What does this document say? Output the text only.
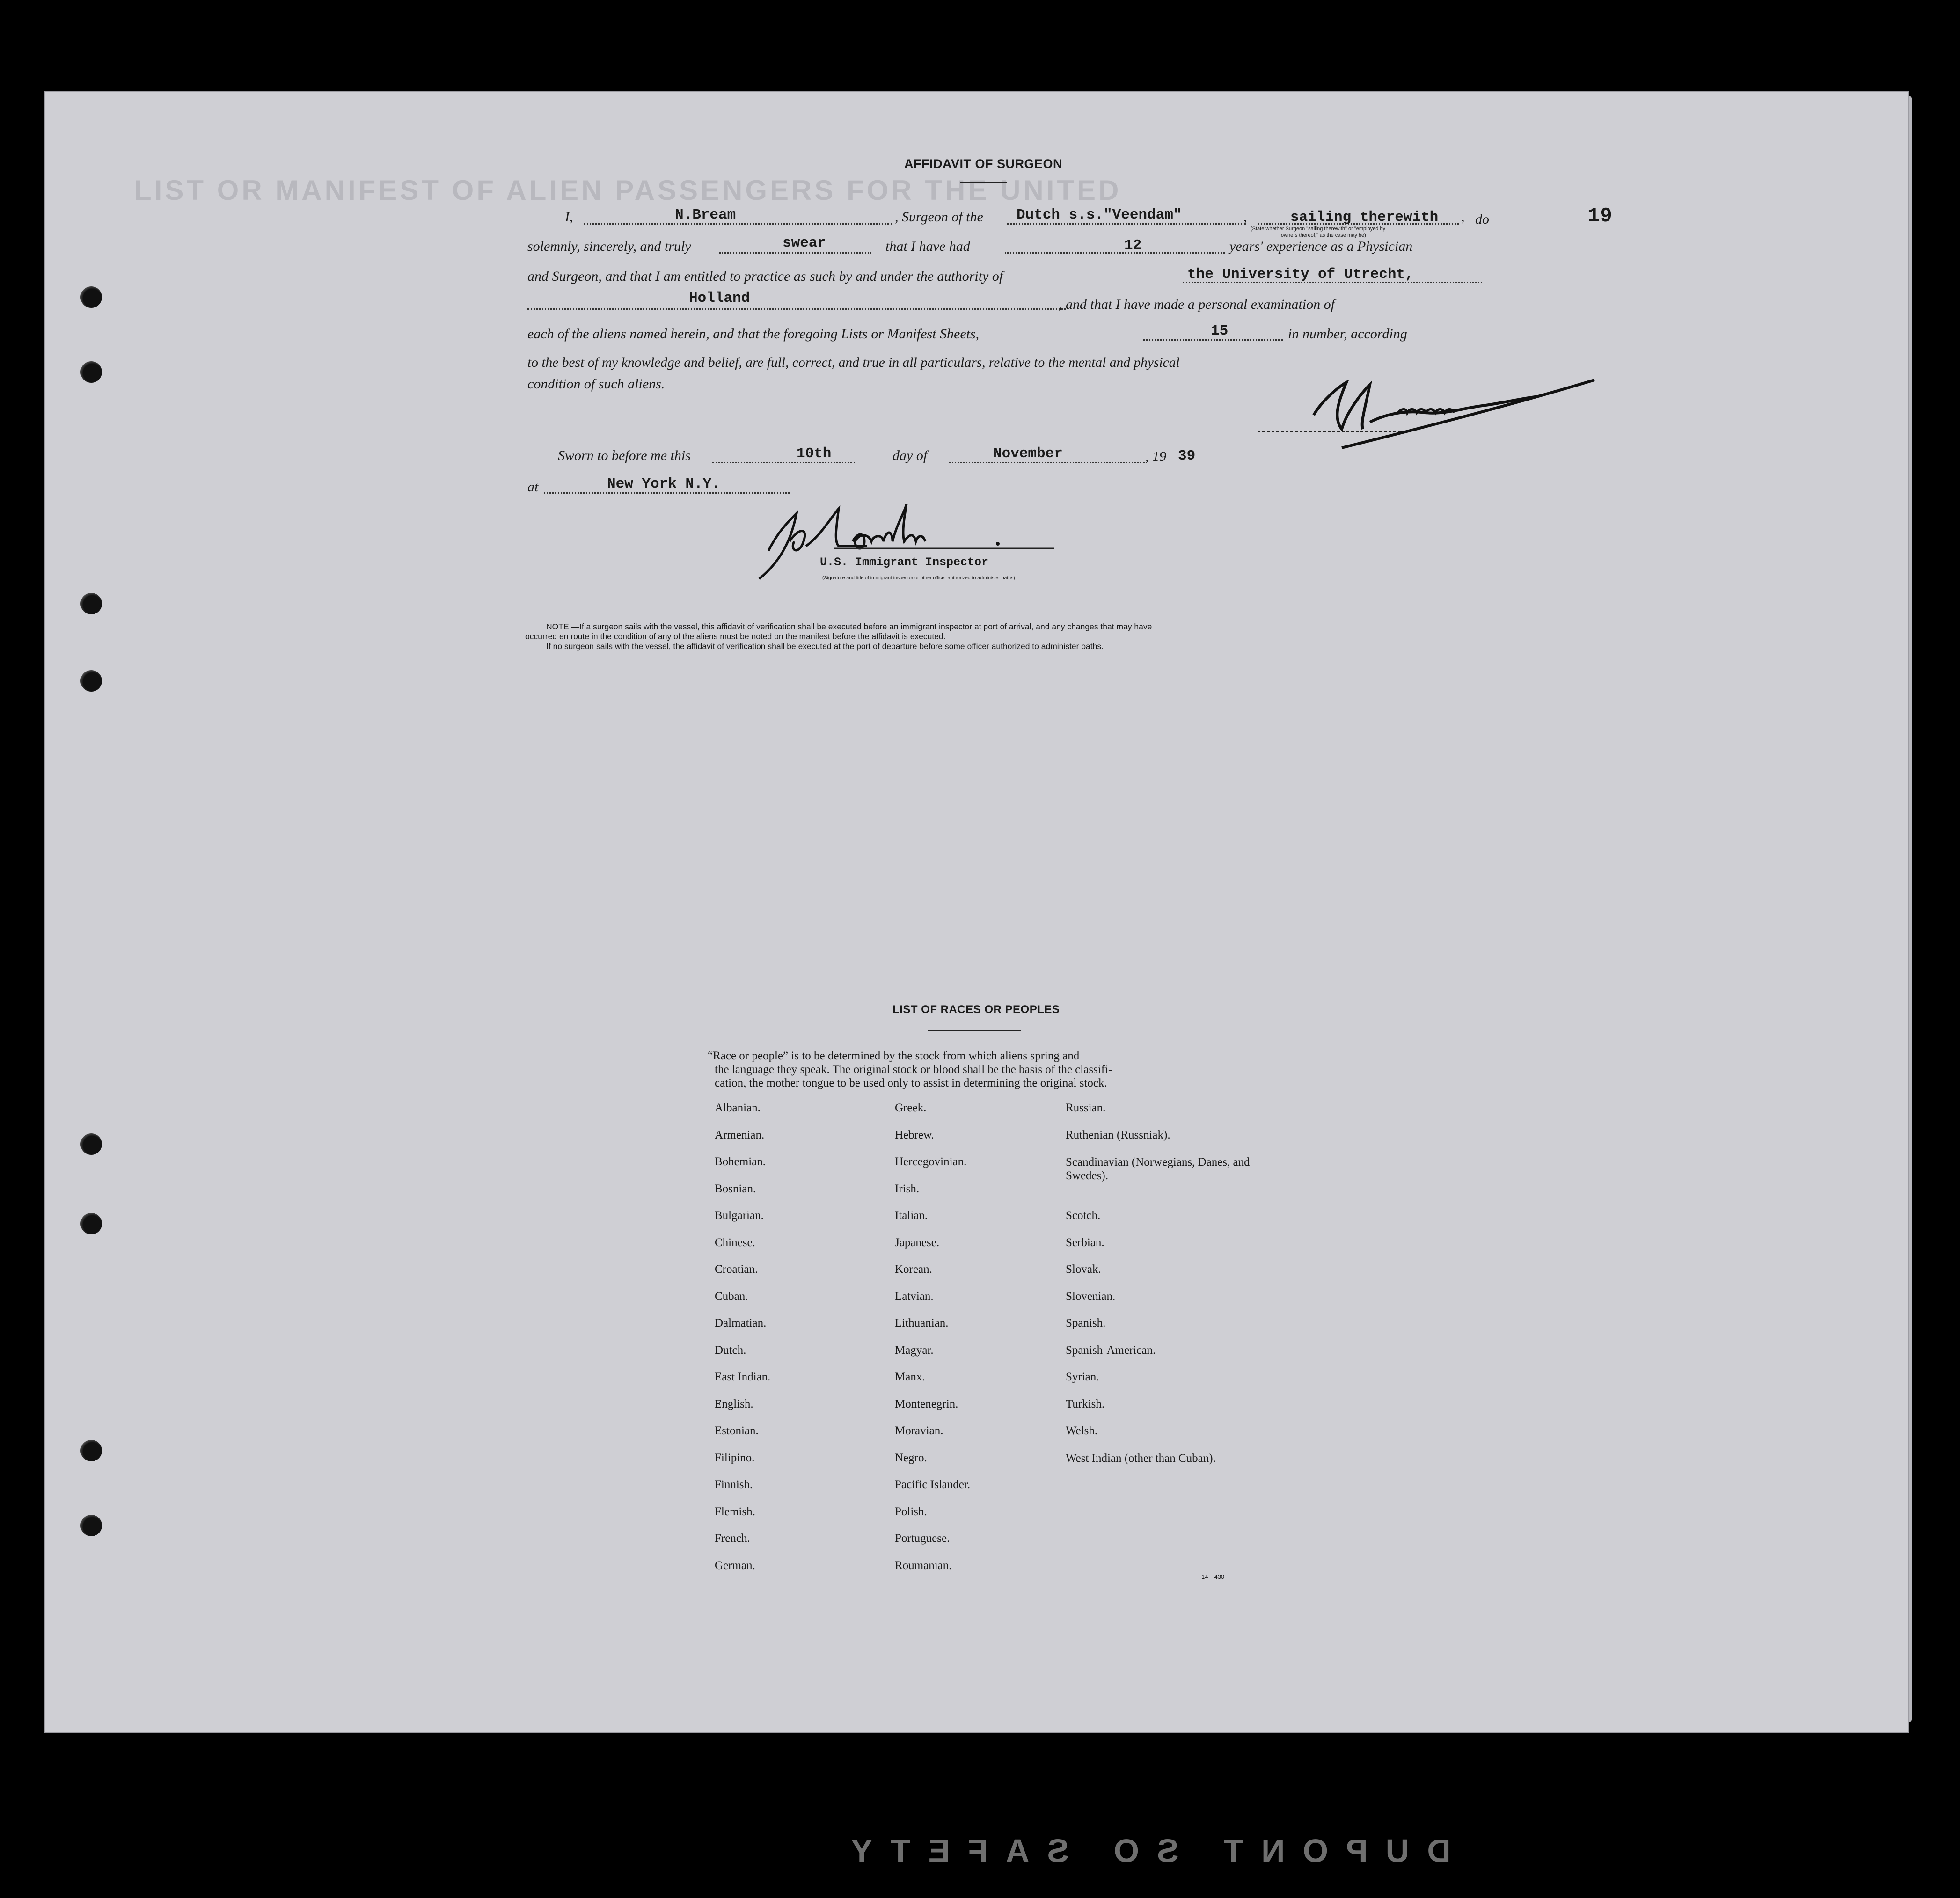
LIST OR MANIFEST OF ALIEN PASSENGERS FOR THE UNITED
19
AFFIDAVIT OF SURGEON
I,	N.Bream	, Surgeon of the Dutch s.s."Veendam"	,	sailing therewith , do
(State whether Surgeon "sailing therewith" or "employed by
owners thereof," as the case may be)
solemnly, sincerely, and truly	swear	that I have had	12	years' experience as a Physician
and Surgeon, and that I am entitled to practice as such by and under the authority of	the University of Utrecht,
Holland	, and that I have made a personal examination of
each of the aliens named herein, and that the foregoing Lists or Manifest Sheets,	15	in number, according
to the best of my knowledge and belief, are full, correct, and true in all particulars, relative to the mental and physical
condition of such aliens.
Sworn to before me this	10th	day of	November	, 19 39
at	New York N.Y.
U.S. Immigrant Inspector
(Signature and title of immigrant inspector or other officer authorized to administer oaths)
NOTE.—If a surgeon sails with the vessel, this affidavit of verification shall be executed before an immigrant inspector at port of arrival, and any changes that may have
occurred en route in the condition of any of the aliens must be noted on the manifest before the affidavit is executed.
If no surgeon sails with the vessel, the affidavit of verification shall be executed at the port of departure before some officer authorized to administer oaths.
LIST OF RACES OR PEOPLES
“Race or people” is to be determined by the stock from which aliens spring and
the language they speak. The original stock or blood shall be the basis of the classifi-
cation, the mother tongue to be used only to assist in determining the original stock.
Albanian.
Armenian.
Bohemian.
Bosnian.
Bulgarian.
Chinese.
Croatian.
Cuban.
Dalmatian.
Dutch.
East Indian.
English.
Estonian.
Filipino.
Finnish.
Flemish.
French.
German.
Greek.
Hebrew.
Hercegovinian.
Irish.
Italian.
Japanese.
Korean.
Latvian.
Lithuanian.
Magyar.
Manx.
Montenegrin.
Moravian.
Negro.
Pacific Islander.
Polish.
Portuguese.
Roumanian.
Russian.
Ruthenian (Russniak).
Scandinavian (Norwegians, Danes, and Swedes).
Scotch.
Serbian.
Slovak.
Slovenian.
Spanish.
Spanish-American.
Syrian.
Turkish.
Welsh.
West Indian (other than Cuban).
14—430
DUPONT SO SAFETY
